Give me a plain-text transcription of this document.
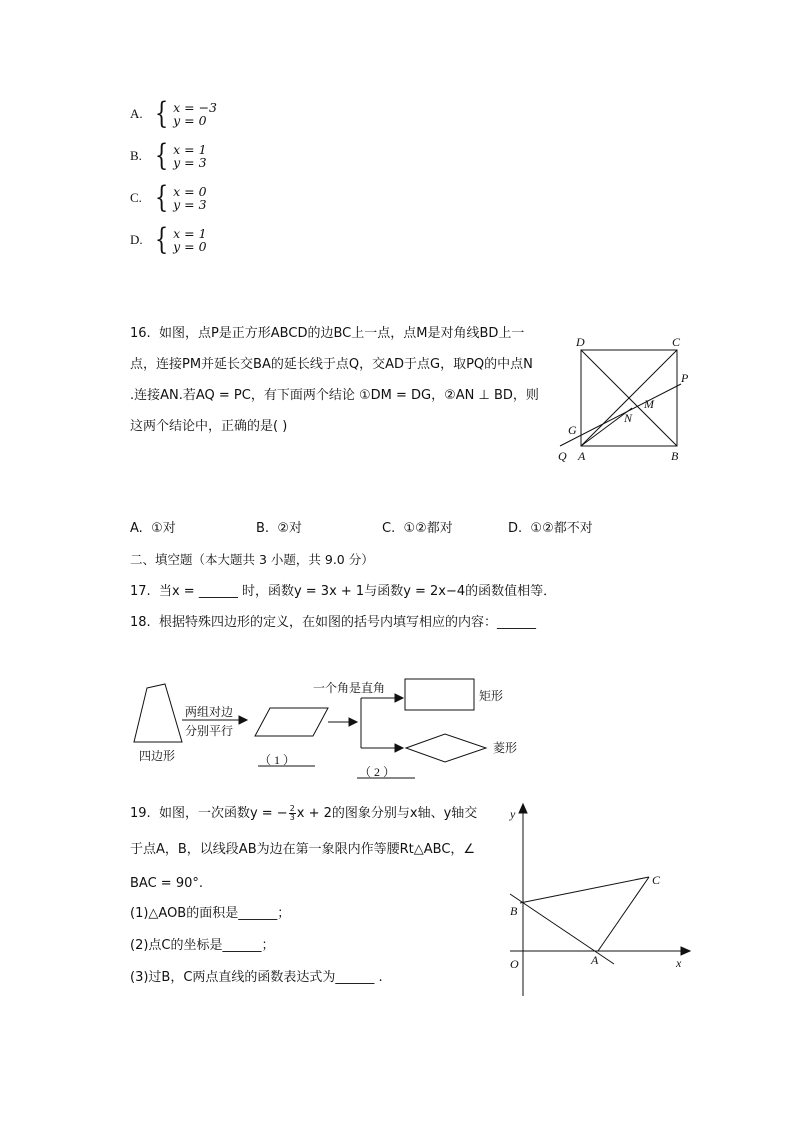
A. { x = −3
y = 0
B. { x = 1
y = 3
C. { x = 0
y = 3
D. { x = 1
y = 0
16. 如图，点P是正方形ABCD的边BC上一点，点M是对角线BD上一
点，连接PM并延长交BA的延长线于点Q，交AD于点G，取PQ的中点N
.连接AN.若AQ = PC，有下面两个结论 ①DM = DG，②AN ⊥ BD，则
这两个结论中，正确的是( )
D	C
P
M
N
G
Q A	B
A. ①对	B. ②对	C. ①②都对	D. ①②都不对
二、填空题（本大题共 3 小题，共 9.0 分）
17. 当x = ______ 时，函数y = 3x + 1与函数y = 2x−4的函数值相等．
18. 根据特殊四边形的定义，在如图的括号内填写相应的内容：______
四边形
两组对边
分别平行
（ 1 ）
一个角是直角
矩形
菱形
（ 2 ）
19.
如图，一次函数y = − $\frac{2}{3}$ x + 2的图象分别与x轴、y轴交
于点A，B，以线段AB为边在第一象限内作等腰Rt△ABC，∠
BAC = 90°.
(1)△AOB的面积是______；
(2)点C的坐标是______；
(3)过B，C两点直线的函数表达式为______ .
y
x
O	A
B
C
